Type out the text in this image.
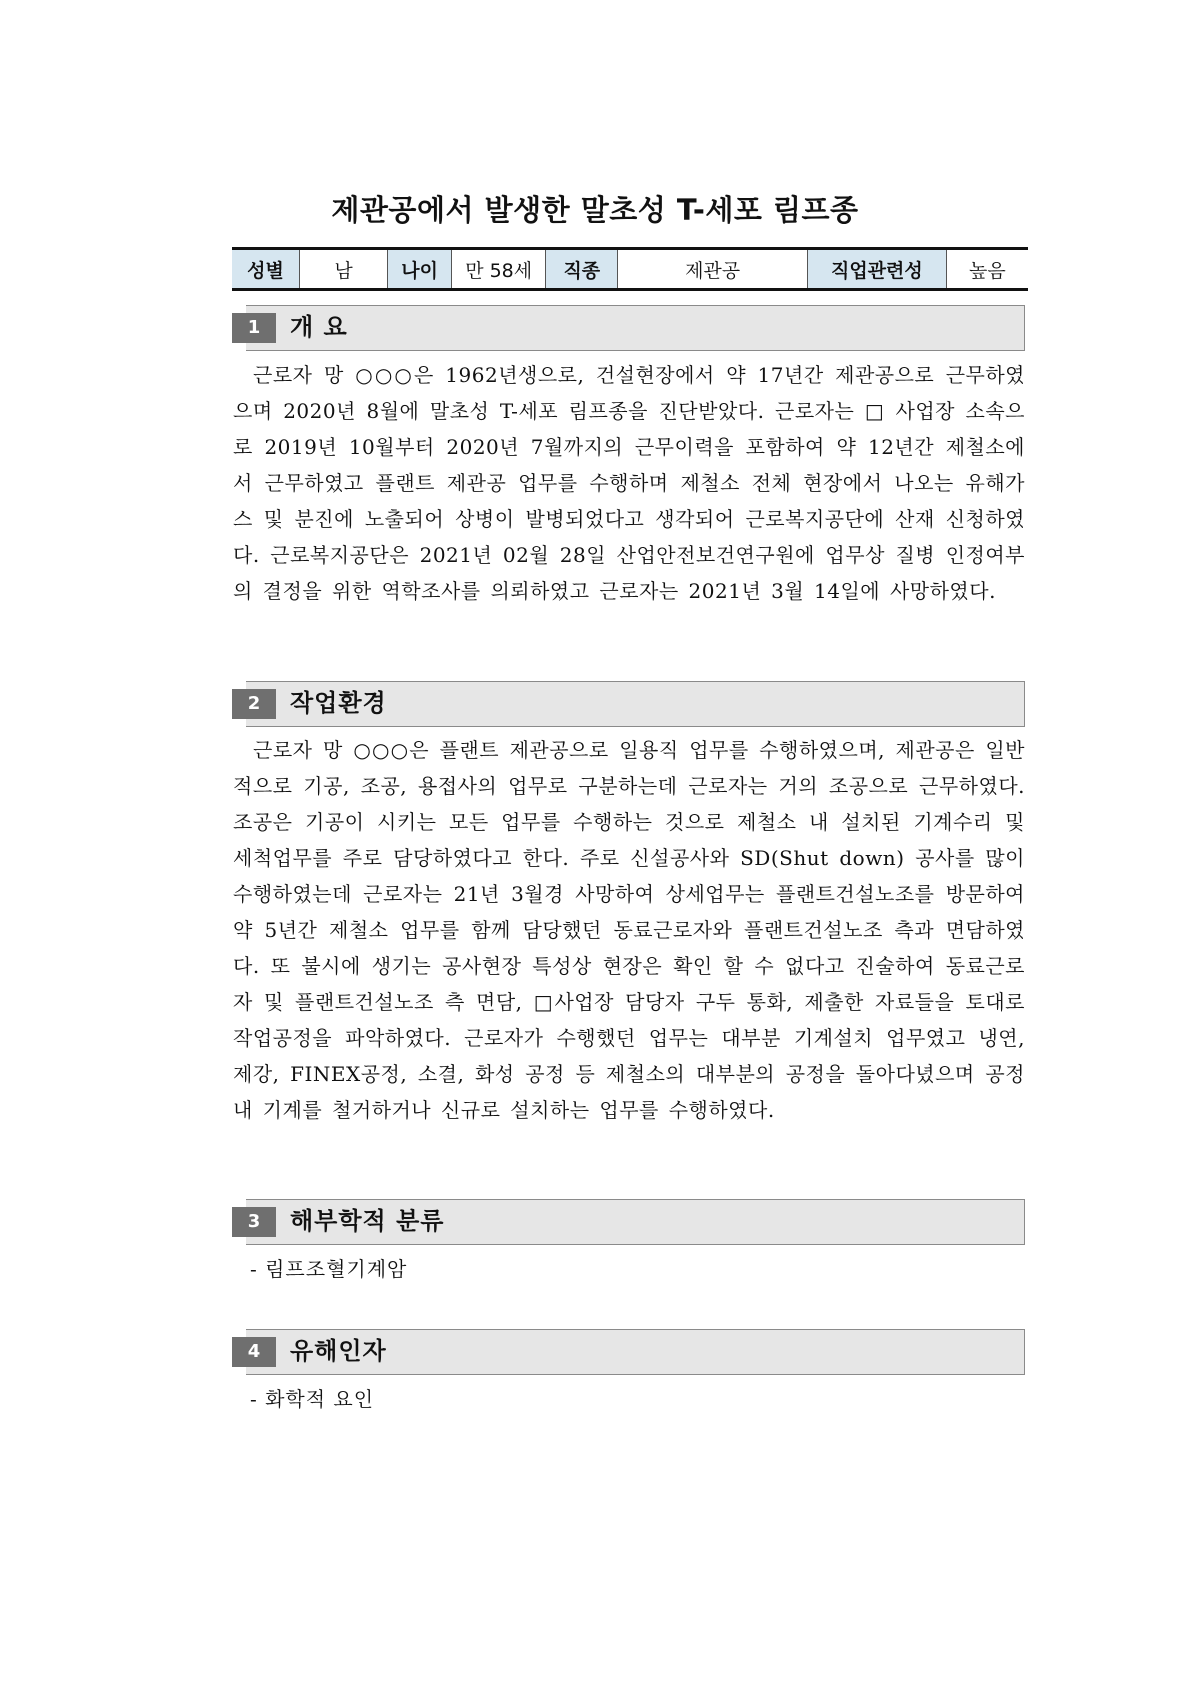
제관공에서 발생한 말초성 T-세포 림프종
성별	남	나이	만 58세	직종	제관공	직업관련성	높음
1	개 요

근로자 망 ○○○은 1962년생으로, 건설현장에서 약 17년간 제관공으로 근무하였으며 2020년 8월에 말초성 T-세포 림프종을 진단받았다. 근로자는 □ 사업장 소속으로 2019년 10월부터 2020년 7월까지의 근무이력을 포함하여 약 12년간 제철소에서 근무하였고 플랜트 제관공 업무를 수행하며 제철소 전체 현장에서 나오는 유해가스 및 분진에 노출되어 상병이 발병되었다고 생각되어 근로복지공단에 산재 신청하였다. 근로복지공단은 2021년 02월 28일 산업안전보건연구원에 업무상 질병 인정여부의 결정을 위한 역학조사를 의뢰하였고 근로자는 2021년 3월 14일에 사망하였다.

2	작업환경

근로자 망 ○○○은 플랜트 제관공으로 일용직 업무를 수행하였으며, 제관공은 일반적으로 기공, 조공, 용접사의 업무로 구분하는데 근로자는 거의 조공으로 근무하였다. 조공은 기공이 시키는 모든 업무를 수행하는 것으로 제철소 내 설치된 기계수리 및 세척업무를 주로 담당하였다고 한다. 주로 신설공사와 SD(Shut down) 공사를 많이 수행하였는데 근로자는 21년 3월경 사망하여 상세업무는 플랜트건설노조를 방문하여 약 5년간 제철소 업무를 함께 담당했던 동료근로자와 플랜트건설노조 측과 면담하였다. 또 불시에 생기는 공사현장 특성상 현장은 확인 할 수 없다고 진술하여 동료근로자 및 플랜트건설노조 측 면담, □사업장 담당자 구두 통화, 제출한 자료들을 토대로 작업공정을 파악하였다. 근로자가 수행했던 업무는 대부분 기계설치 업무였고 냉연, 제강, FINEX공정, 소결, 화성 공정 등 제철소의 대부분의 공정을 돌아다녔으며 공정 내 기계를 철거하거나 신규로 설치하는 업무를 수행하였다.

3	해부학적 분류

- 림프조혈기계암

4	유해인자

- 화학적 요인
